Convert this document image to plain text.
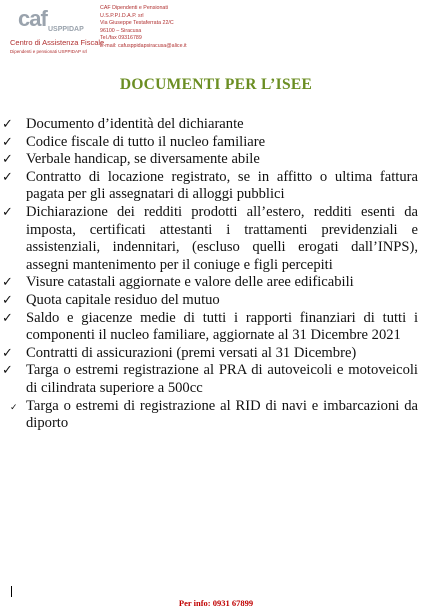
caf USPPIDAP
Centro di Assistenza Fiscale
Dipendenti e pensionati USPPIDAP srl
CAF Dipendenti e Pensionati
U.S.P.P.I.D.A.P. srl
Via Giuseppe Testaferrata 22/C
96100 – Siracusa
Tel./fax 09316789
E-mail: cafusppidapsiracusa@alice.it
DOCUMENTI PER L’ISEE
✓ Documento d’identità del dichiarante
✓ Codice fiscale di tutto il nucleo familiare
✓ Verbale handicap, se diversamente abile
✓ Contratto di locazione registrato, se in affitto o ultima fattura pagata per gli assegnatari di alloggi pubblici
✓ Dichiarazione dei redditi prodotti all’estero, redditi esenti da imposta, certificati attestanti i trattamenti previdenziali e assistenziali, indennitari, (escluso quelli erogati dall’INPS), assegni mantenimento per il coniuge e figli percepiti
✓ Visure catastali aggiornate e valore delle aree edificabili
✓ Quota capitale residuo del mutuo
✓ Saldo e giacenze medie di tutti i rapporti finanziari di tutti i componenti il nucleo familiare, aggiornate al 31 Dicembre 2021
✓ Contratti di assicurazioni (premi versati al 31 Dicembre)
✓ Targa o estremi registrazione al PRA di autoveicoli e motoveicoli di cilindrata superiore a 500cc
✓ Targa o estremi di registrazione al RID di navi e imbarcazioni da diporto
Per info: 0931 67899
